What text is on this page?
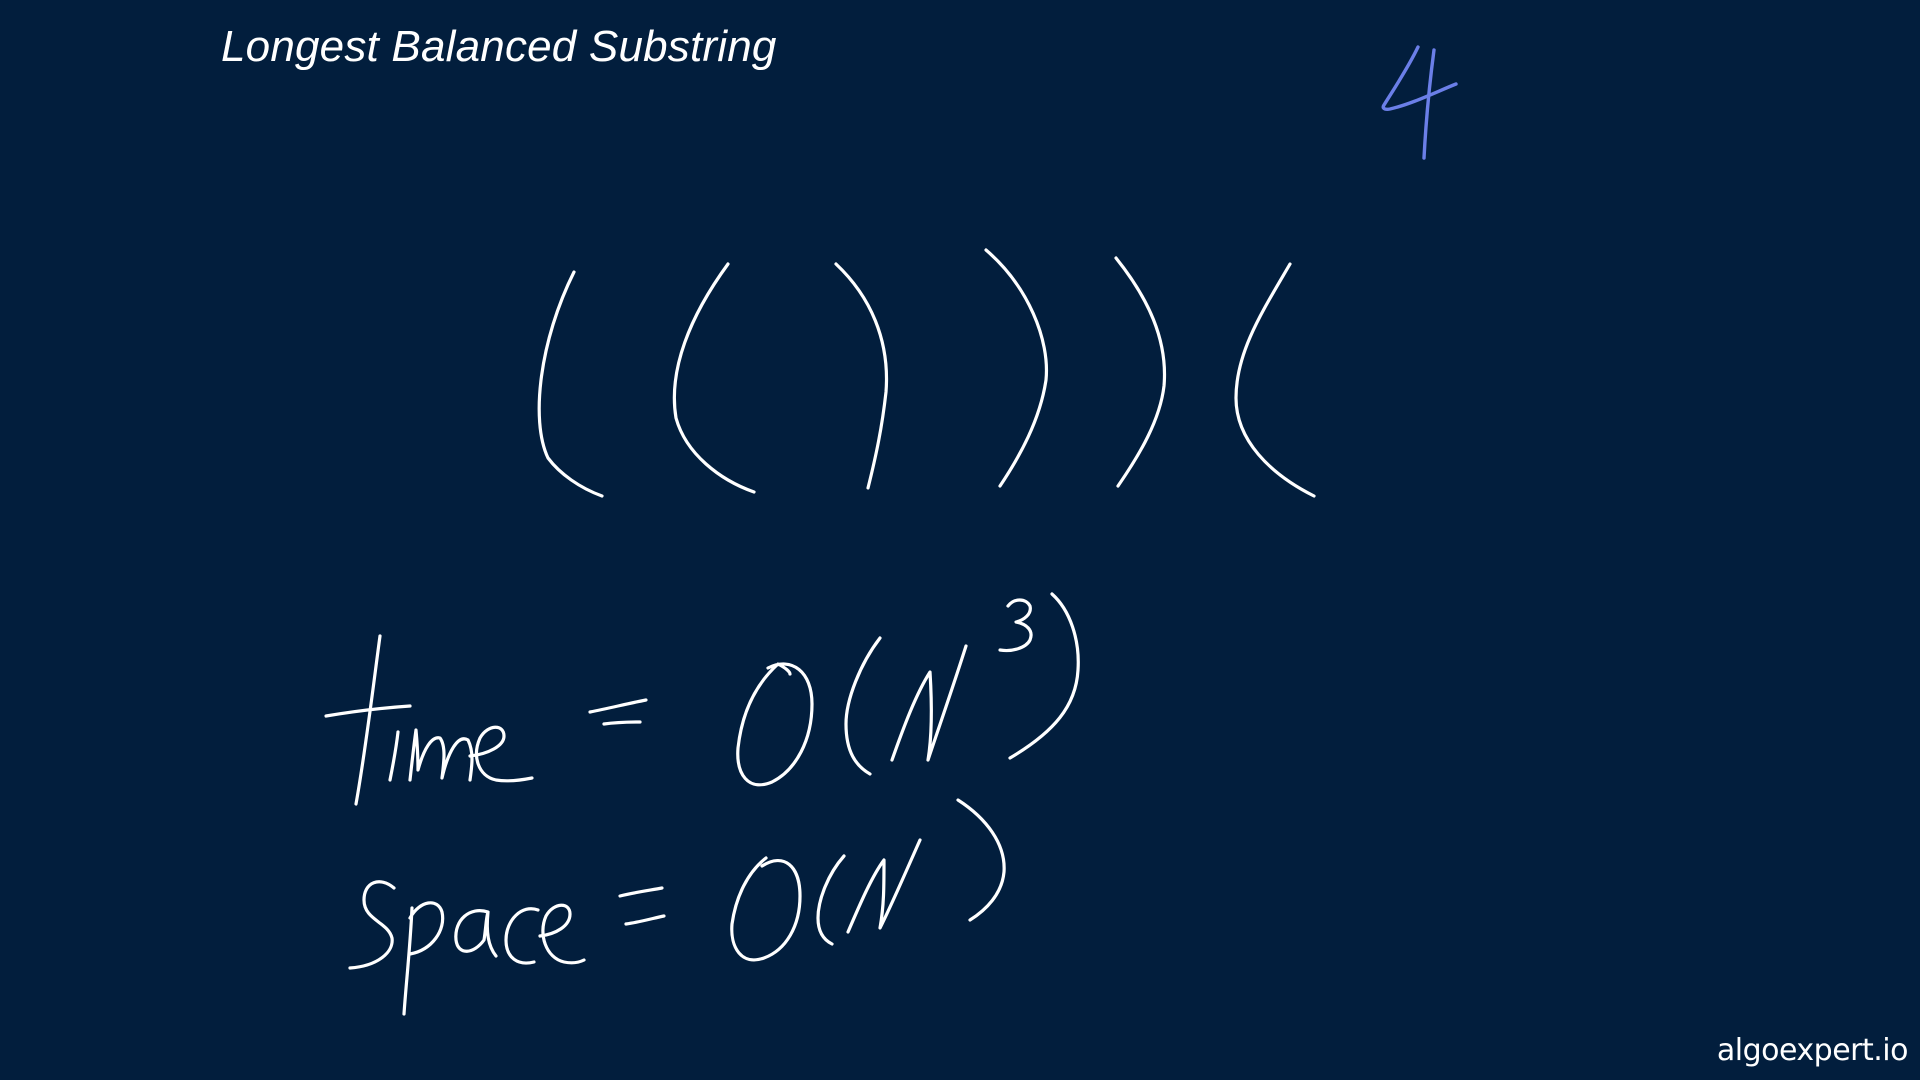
Longest Balanced Substring
algoexpert.io
